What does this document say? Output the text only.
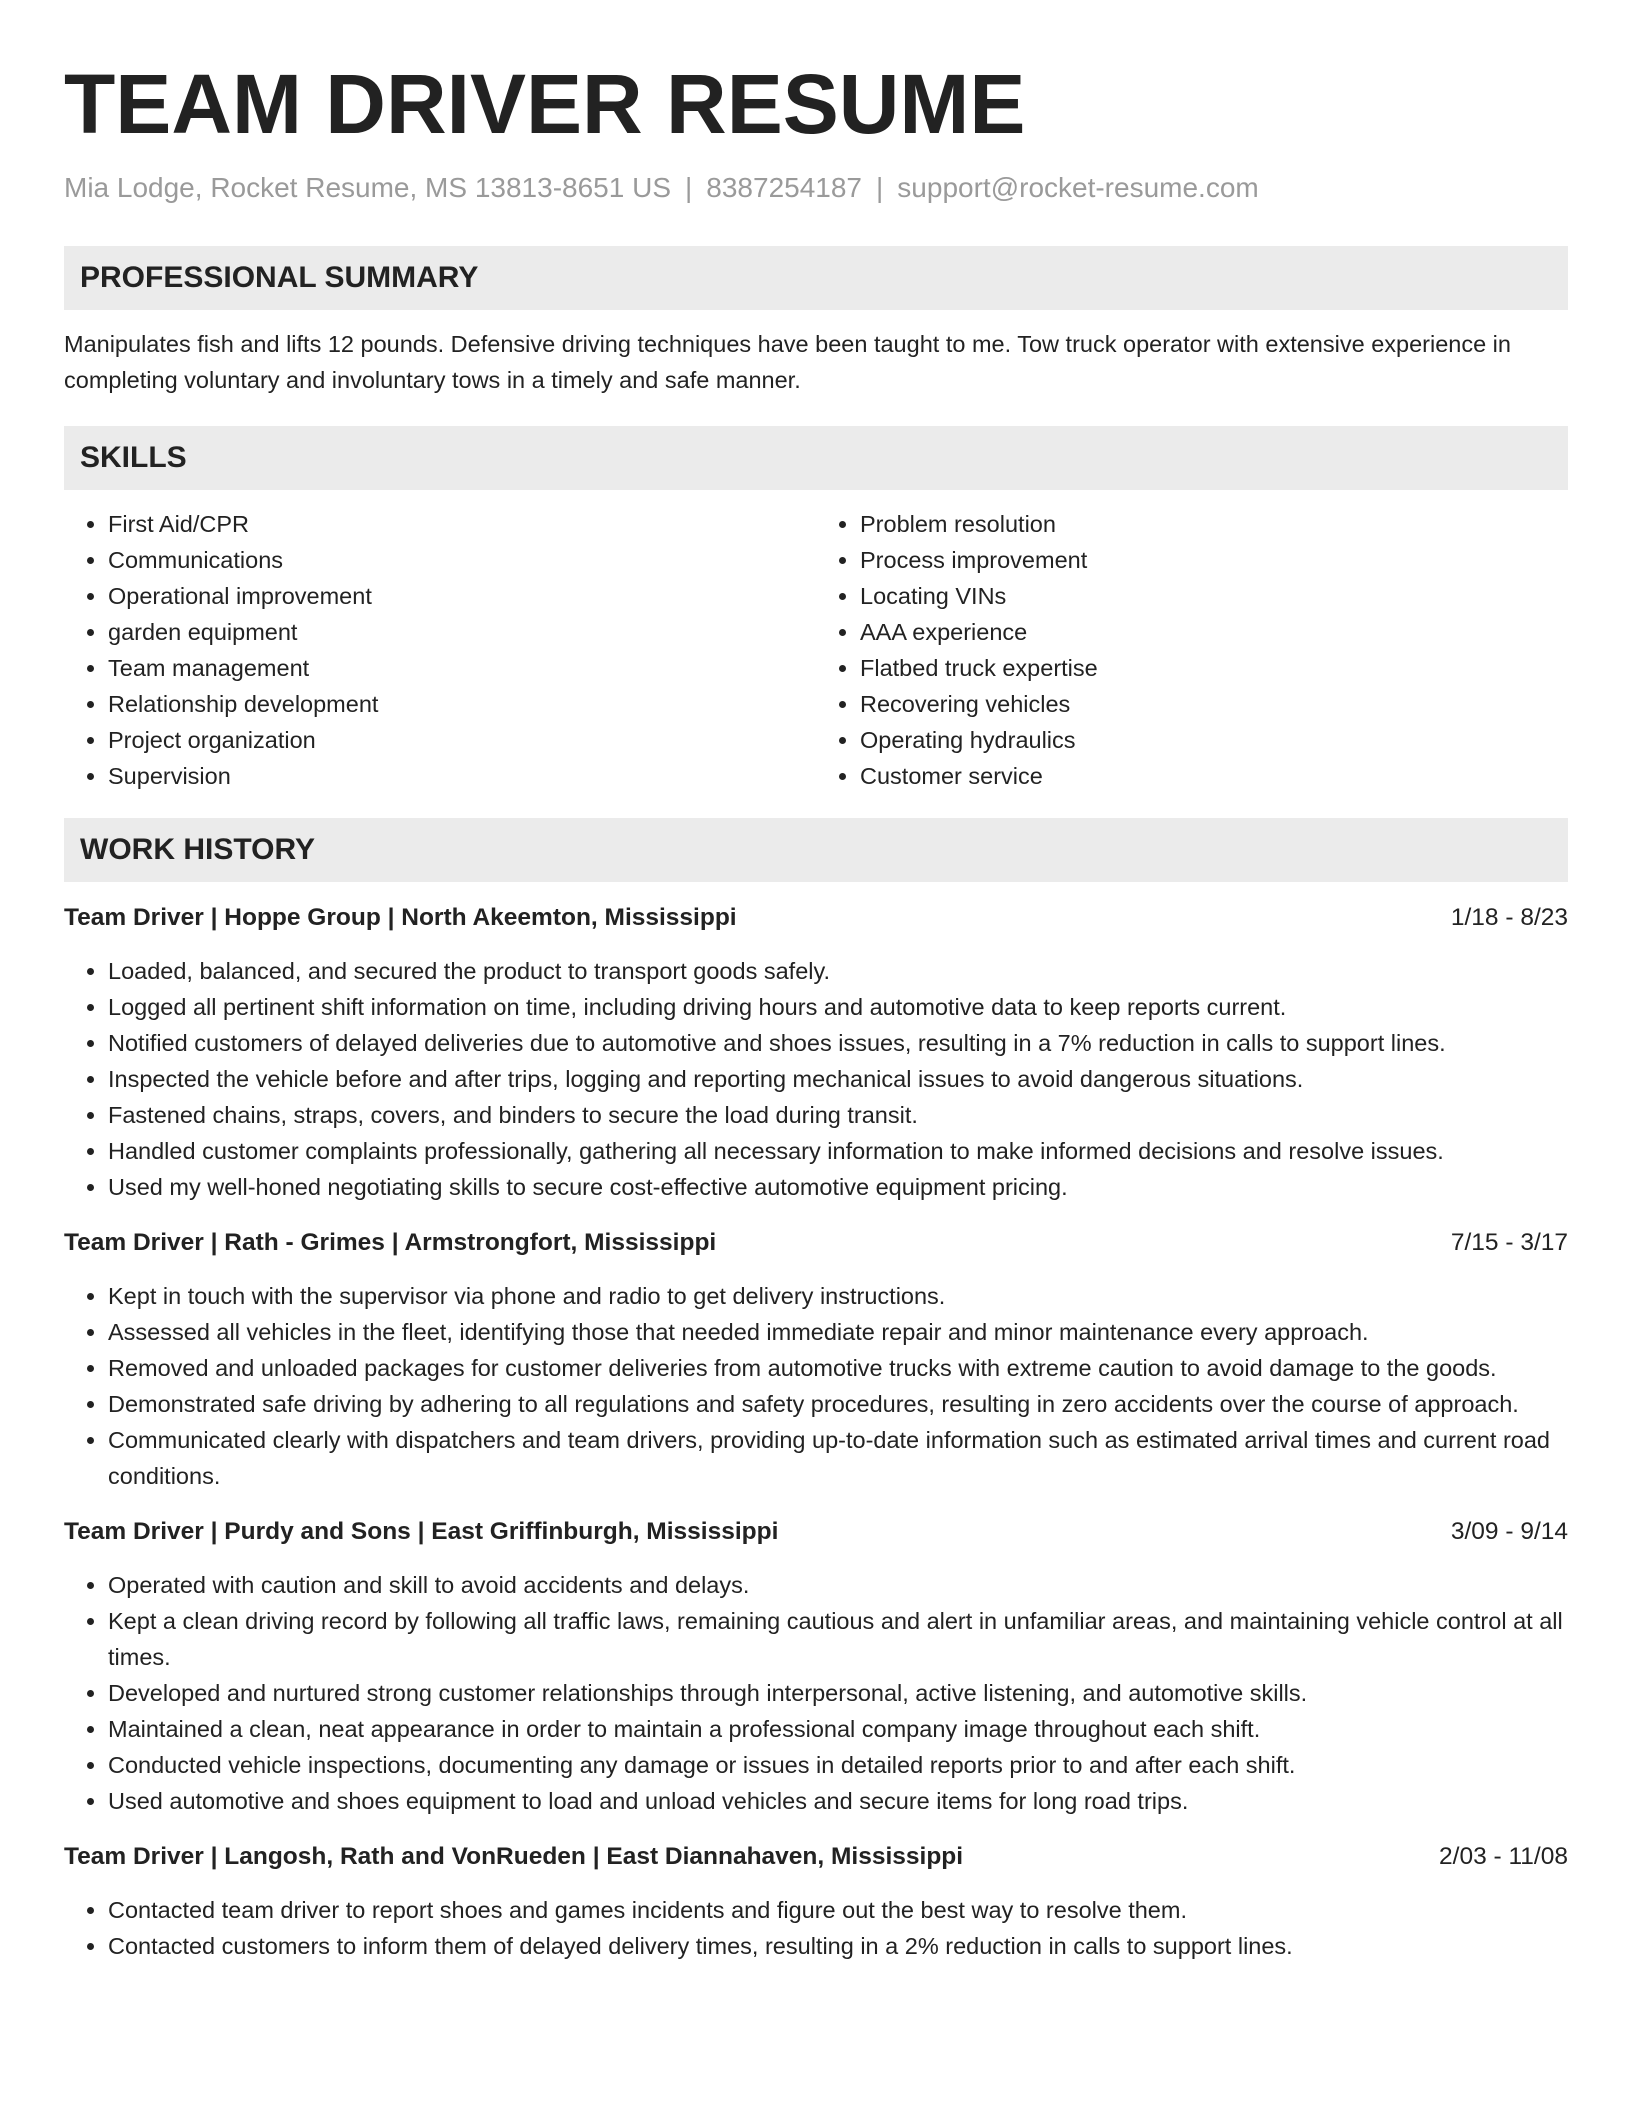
TEAM DRIVER RESUME
Mia Lodge, Rocket Resume, MS 13813-8651 US | 8387254187 | support@rocket-resume.com
PROFESSIONAL SUMMARY

Manipulates fish and lifts 12 pounds. Defensive driving techniques have been taught to me. Tow truck operator with extensive experience in completing voluntary and involuntary tows in a timely and safe manner.

SKILLS
• First Aid/CPR
• Communications
• Operational improvement
• garden equipment
• Team management
• Relationship development
• Project organization
• Supervision
• Problem resolution
• Process improvement
• Locating VINs
• AAA experience
• Flatbed truck expertise
• Recovering vehicles
• Operating hydraulics
• Customer service
WORK HISTORY
Team Driver | Hoppe Group | North Akeemton, Mississippi	1/18 - 8/23
• Loaded, balanced, and secured the product to transport goods safely.
• Logged all pertinent shift information on time, including driving hours and automotive data to keep reports current.
• Notified customers of delayed deliveries due to automotive and shoes issues, resulting in a 7% reduction in calls to support lines.
• Inspected the vehicle before and after trips, logging and reporting mechanical issues to avoid dangerous situations.
• Fastened chains, straps, covers, and binders to secure the load during transit.
• Handled customer complaints professionally, gathering all necessary information to make informed decisions and resolve issues.
• Used my well-honed negotiating skills to secure cost-effective automotive equipment pricing.
Team Driver | Rath - Grimes | Armstrongfort, Mississippi	7/15 - 3/17
• Kept in touch with the supervisor via phone and radio to get delivery instructions.
• Assessed all vehicles in the fleet, identifying those that needed immediate repair and minor maintenance every approach.
• Removed and unloaded packages for customer deliveries from automotive trucks with extreme caution to avoid damage to the goods.
• Demonstrated safe driving by adhering to all regulations and safety procedures, resulting in zero accidents over the course of approach.
• Communicated clearly with dispatchers and team drivers, providing up-to-date information such as estimated arrival times and current road conditions.
Team Driver | Purdy and Sons | East Griffinburgh, Mississippi	3/09 - 9/14
• Operated with caution and skill to avoid accidents and delays.
• Kept a clean driving record by following all traffic laws, remaining cautious and alert in unfamiliar areas, and maintaining vehicle control at all times.
• Developed and nurtured strong customer relationships through interpersonal, active listening, and automotive skills.
• Maintained a clean, neat appearance in order to maintain a professional company image throughout each shift.
• Conducted vehicle inspections, documenting any damage or issues in detailed reports prior to and after each shift.
• Used automotive and shoes equipment to load and unload vehicles and secure items for long road trips.
Team Driver | Langosh, Rath and VonRueden | East Diannahaven, Mississippi	2/03 - 11/08
• Contacted team driver to report shoes and games incidents and figure out the best way to resolve them.
• Contacted customers to inform them of delayed delivery times, resulting in a 2% reduction in calls to support lines.
